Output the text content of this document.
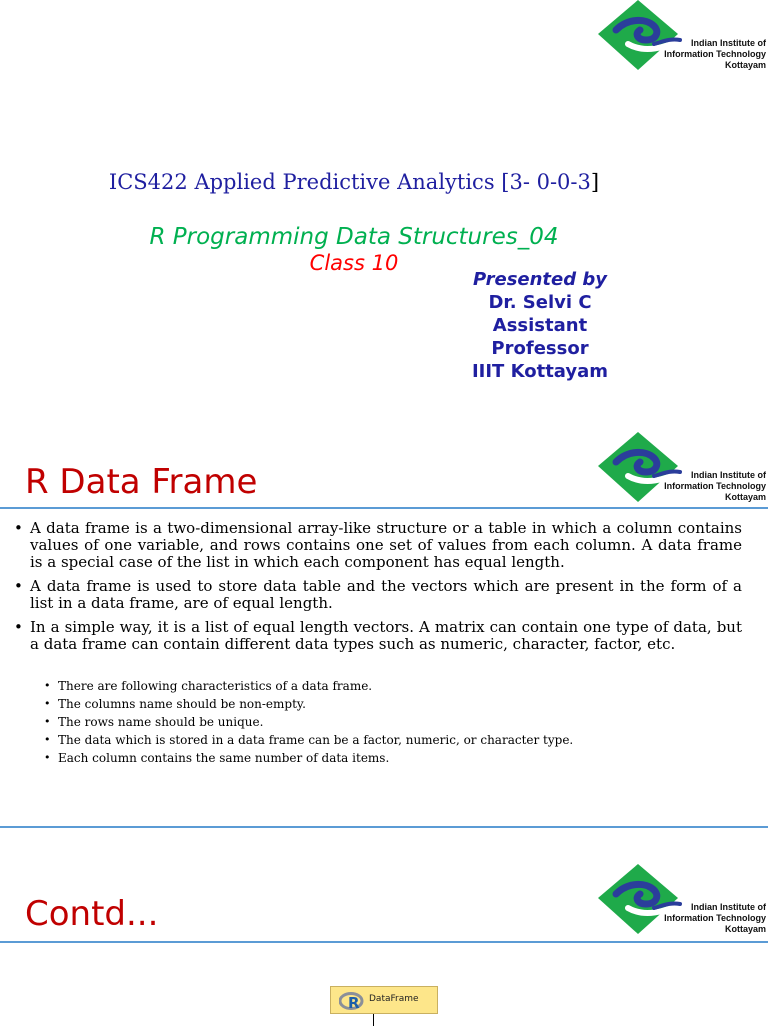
Indian Institute of
Information Technology
Kottayam
ICS422 Applied Predictive Analytics [3- 0-0-3]
R Programming Data Structures_04
Class 10
Presented by
Dr. Selvi C
Assistant
Professor
IIIT Kottayam
Indian Institute of
Information Technology
Kottayam
R Data Frame
• A data frame is a two-dimensional array-like structure or a table in which a column contains values of one variable, and rows contains one set of values from each column. A data frame is a special case of the list in which each component has equal length.
• A data frame is used to store data table and the vectors which are present in the form of a list in a data frame, are of equal length.
• In a simple way, it is a list of equal length vectors. A matrix can contain one type of data, but a data frame can contain different data types such as numeric, character, factor, etc.
• There are following characteristics of a data frame.
• The columns name should be non-empty.
• The rows name should be unique.
• The data which is stored in a data frame can be a factor, numeric, or character type.
• Each column contains the same number of data items.
Indian Institute of
Information Technology
Kottayam
Contd...
R DataFrame
